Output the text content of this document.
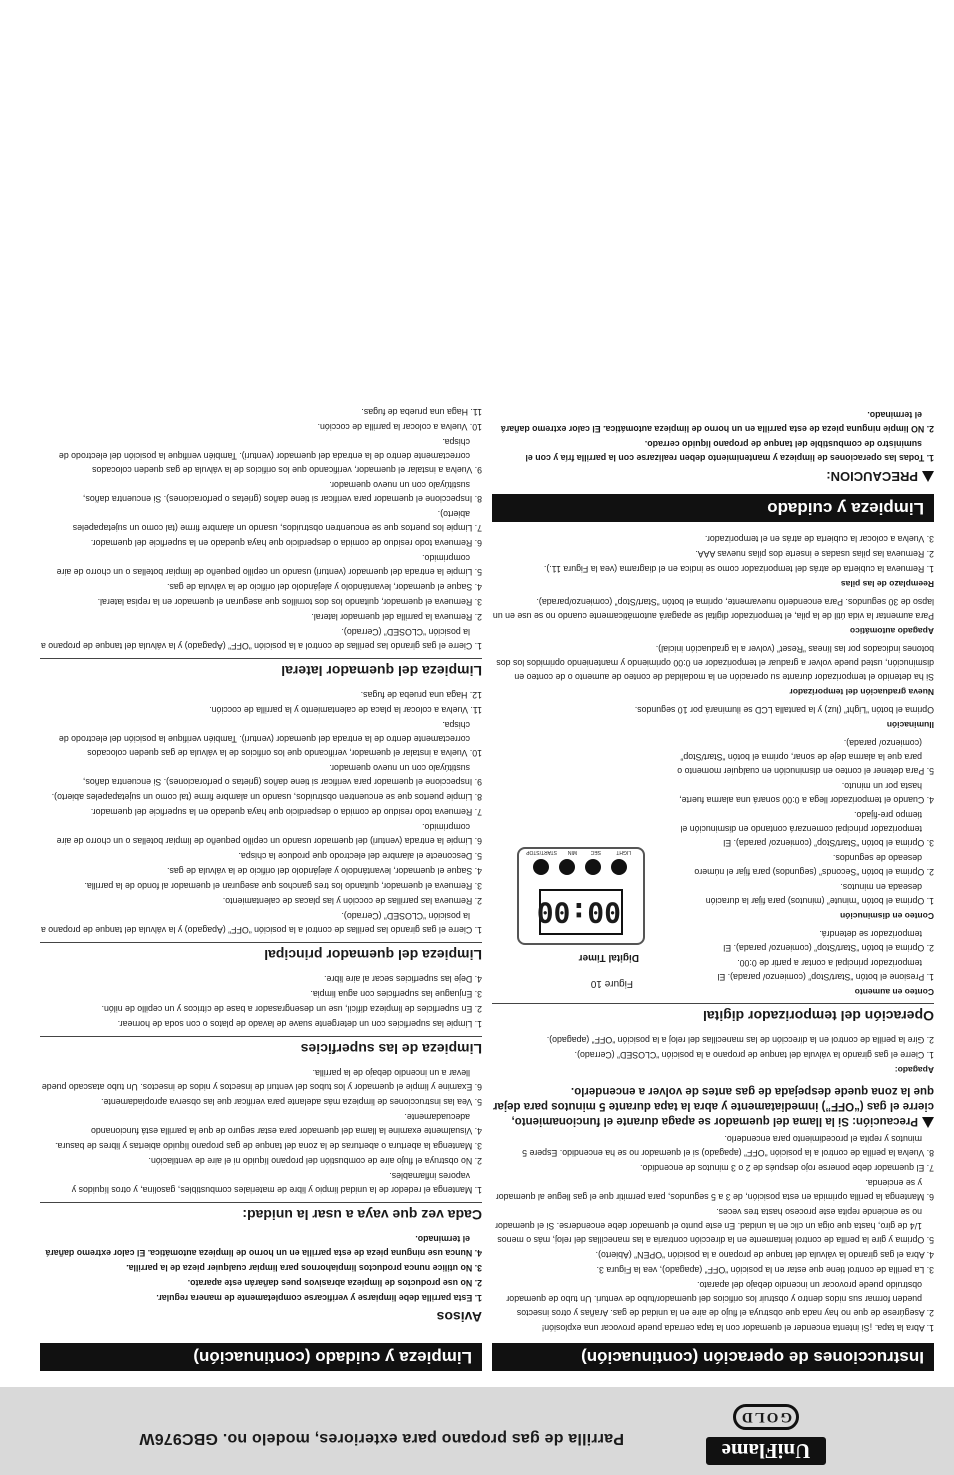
UniFlame
GOLD
Parrilla de gas propano para exteriores, modelo no. GBC976W
Limpieza y cuidado (continuación)
Avisos
1. Esta parrilla debe limpiarse y verificarse completamente de manera regular.
2. No use productos de limpieza abrasivos pues dañarán este aparato.
3. No utilice nunca productos limpiahornos para limpiar cualquier pieza de la parrilla.
4. Nunca use ninguna pieza de esta parrilla en un horno de limpieza automática. El calor extremo dañará el terminado.
Cada vez que vaya a usar la unidad:
1. Mantenga el rededor de la unidad limpio y libre de materiales combustibles, gasolina, y otros líquidos y vapores inflamables.
2. No obstruya el flujo aire de combustión del propano líquido ni el aire de ventilación.
3. Mantenga la abertura o aberturas de la zona del tanque de gas propano líquido abiertas y libres de basura.
4. Visualmente examine la llama del quemador para estar seguro de que la parrilla está funcionando adecuadamente.
5. Vea las instrucciones de limpieza más adelante para verificar que las observa apropiadamente.
6. Examine y limpie el quemador y los tubos del venturi de insectos y nidos de insectos. Un tubo atascado puede llevar a un incendio debajo de la parrilla.
Limpieza de las superficies
1. Limpie las superficies con un detergente suave de lavado de platos o con soda de hornear.
2. En superficies de limpieza difícil, use un desengrasador a base de cítricos y un cepillo de nilón.
3. Enjuague las superficies con agua limpia.
4. Deje las superficies secar al aire libre.
Limpieza del quemador principal
1. Cierre el gas girando las perillas de control a la posición “OFF” (Apagado) y la válvula del tanque de propano a la posición “CLOSED” (Cerrado).
2. Remueva las parrillas de cocción y las placas de calentamiento.
3. Remueva el quemador, quitando los tres ganchos que aseguran el quemador al fondo de la parrilla.
4. Saque el quemador, levantándolo y alejándolo del orificio de la válvula de gas.
5. Desconecte el alambre del electrodo que produce la chispa.
6. Limpie la entrada (venturi) del quemador usando un cepillo pequeño de limpiar botellas o un chorro de aire comprimido.
7. Remueva todo residuo de comida o desperdicio que haya quedado en la superficie del quemador.
8. Limpie puertos que se encuentren obstruidos, usando un alambre firme (tal como un sujetapapeles abierto).
9. Inspeccione el quemador para verificar si tiene daños (grietas o perforaciones). Si encuentra daños, sustitúyalo con un nuevo quemador.
10. Vuelva a instalar el quemador, verificando que los orificios de la válvula de gas queden colocados correctamente dentro de la entrada del quemador (venturi). También verifique la posición del electrodo de chispa.
11. Vuelva a colocar la placa de calentamiento y la parrilla de cocción.
12. Haga una prueba de fugas.
Limpieza del quemador lateral
1. Cierre el gas girando las perillas de control a la posición “OFF” (Apagado) y la válvula del tanque de propano a la posición “CLOSED” (Cerrado).
2. Remueva la parrilla del quemador lateral.
3. Remueva el quemador, quitando los dos tornillos que aseguran el quemador en la repisa lateral.
4. Saque el quemador, levantándolo y alejándolo del orificio de la válvula de gas.
5. Limpie la entrada del quemador (venturi) usando un cepillo pequeño de limpiar botellas o un chorro de aire comprimido.
6. Remueva todo residuo de comida o desperdicio que haya quedado en la superficie del quemador.
7. Limpie los puertos que se encuentren obstruidos, usando un alambre firme (tal como un sujetapapeles abierto).
8. Inspeccione el quemador para verificar si tiene daños (grietas o perforaciones). Si encuentra daños, sustitúyalo con un nuevo quemador.
9. Vuelva a instalar el quemador, verificando que los orificios de la válvula de gas queden colocados correctamente dentro de la entrada del quemador (venturi). También verifique la posición del electrodo de chispa.
10. Vuelva a colocar la parrilla de cocción.
11. Haga una prueba de fugas.
Instrucciones de operación (continuación)
1. Abra la tapa. ¡Si intenta encender el quemador con la tapa cerrada puede provocar una explosión!
2. Asegúrese de que no hay nada que obstruya el flujo de aire en la unidad de gas. Arañas y otros insectos pueden formar sus nidos dentro y obstruir los orificios del quemador/tubo de venturi. Un tubo de quemador obstruido puede provocar un incendio debajo del aparato.
3. La perilla de control tiene que estar en la posición “OFF” (apagado), vea la Figura 3.
4. Abra el gas girando la válvula del tanque de propano a la posición “OPEN” (Abierto).
5. Oprima y gire la perilla de control lentamente en la dirección contraria a las manecillas del reloj, más o menos 1/4 de giro, hasta que oiga un clic en la unidad. En este punto el quemador debe encenderse. Si el quemador no se enciende repita este proceso hasta tres veces.
6. Mantenga la perilla oprimida en esta posición, de 3 a 5 segundos, para permitir que el gas llegue al quemador y se encienda.
7. El quemador debe ponerse rojo después de 2 o 3 minutos de encendido.
8. Vuelva la perilla de control a la posición “OFF” (apagado) si el quemador no se ha encendido. Espere 5 minutos y repita el procedimiento para encenderlo.
Precaución: Si la llama del quemador se apaga durante el funcionamiento, cierre el gas (“OFF”) inmediatamente y abra la tapa durante 5 minutos para dejar que la zona quede despejada de gas antes de volver a encenderlo.
Apagado:
1. Cierre el gas girando la válvula del tanque de propano a la posición “CLOSED” (Cerrado).
2. Gire la perilla de control en la dirección de las manecillas del reloj a la posición “OFF” (apagado).
Operación del temporizador digital
Figure 10
Digital Timer
00:00
LIGHT
SEC
MIN
START/STOP
Conteo en aumento
1. Presione el botón “Start/Stop” (comienzo/ parada). El temporizador principal a contar a partir de 0:00.
2. Oprima el botón “Start/Stop” (comienzo/ parada). El temporizador se detendrá.
Conteo en disminución
1. Oprima el botón “minute” (minutos) para fijar la duración deseada en minutos.
2. Oprima el botón “Seconds” (segundos) para fijar el número deseado de segundos.
3. Oprima el botón “Start/Stop” (comienzo/ parada). El temporizador principal comenzará contando en disminución el tiempo pre-fijado.
4. Cuando el temporizador llega a 0:00 sonará una alarma fuerte, hasta por un minuto.
5. Para detener el conteo en disminución en cualquier momento o para que la alarma deje de sonar, oprima el botón “Start/Stop” (comienzo/ parada).
Iluminación
Oprima el botón “Light” (luz) y la pantalla LCD se iluminará por 10 segundos.
Nueva graduación del temporizador
Si ha detenido el temporizador durante su operación en la modalidad de conteo de aumento o de conteo en disminución, usted puede volver a graduar el temporizador en 0:00 oprimiendo y manteniendo oprimidos los dos botones indicados por las líneas “Reset” (volver a la graduación inicial).
Apagado automático
Para aumentar la vida útil de la pila, el temporizador digital se apagará automáticamente cuando no se use en un lapso de 30 segundos. Para encenderlo nuevamente, oprima el botón “Start/Stop” (comienzo/parada).
Reemplazo de las pilas
1. Remueva la cubierta de atrás del temporizador como se indica en el diagrama (vea la Figura 11.).
2. Remueva las pilas usadas e inserte dos pilas nuevas AAA.
3. Vuelva a colocar la cubierta de atrás en el temporizador.
Limpieza y cuidado
PRECAUCION:
1. Todas las operaciones de limpieza y mantenimiento deben realizarse con la parrilla fría y con el suministro de combustible del tanque de propano líquido cerrado.
2. NO limpie ninguna pieza de esta parrilla en un horno de limpieza automática. El calor extremo dañará el terminado.
